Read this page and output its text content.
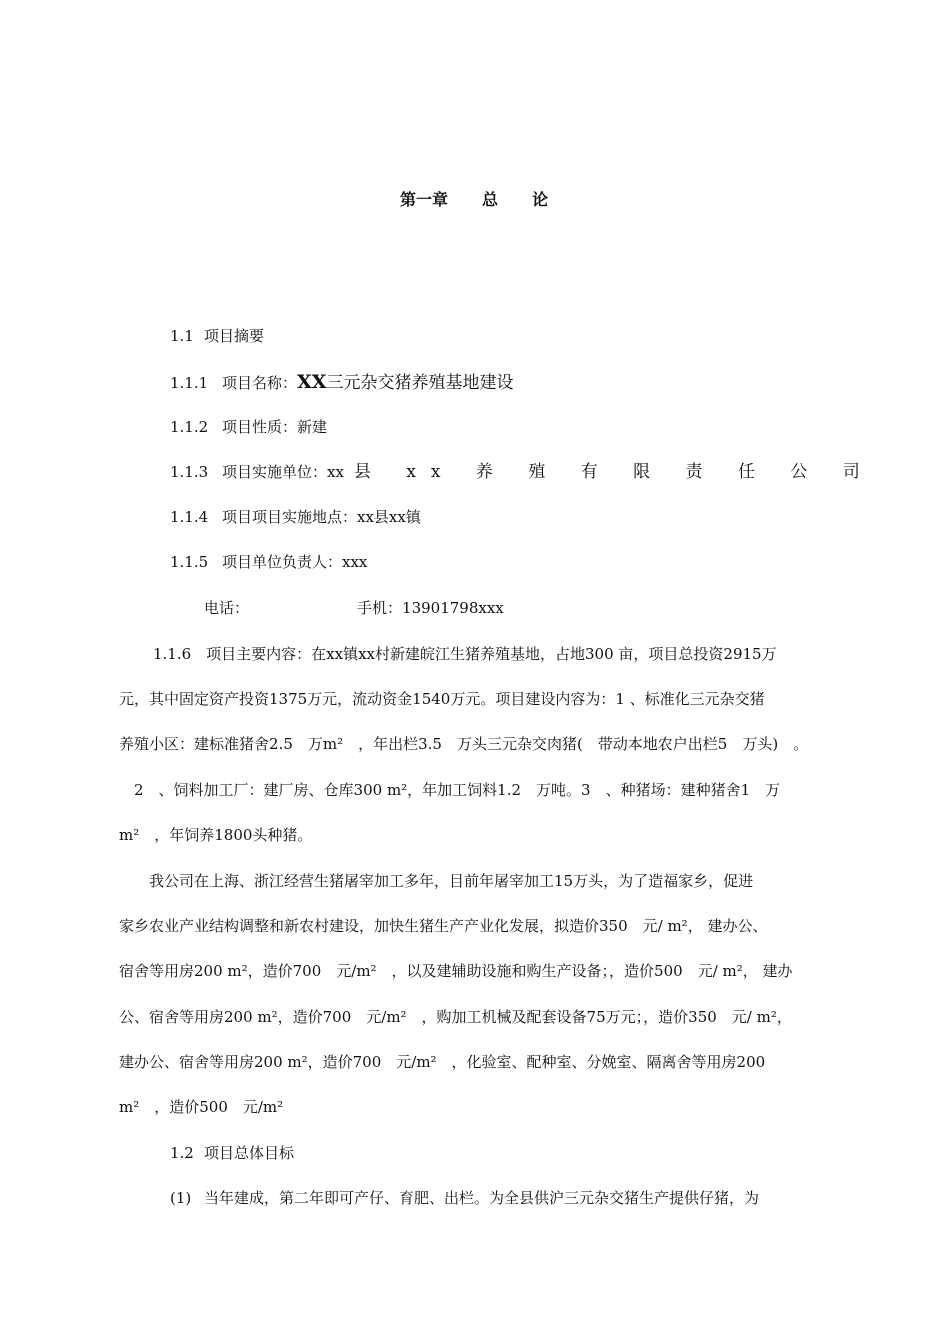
第一章 总 论
1.1 项目摘要
1.1.1 项目名称：XX三元杂交猪养殖基地建设
1.1.2 项目性质：新建
1.1.3 项目实施单位：xx 县 xx 养 殖 有 限 责 任 公 司
1.1.4 项目项目实施地点：xx县xx镇
1.1.5 项目单位负责人：xxx
电话：	手机：13901798xxx
1.1.6　项目主要内容：在xx镇xx村新建皖江生猪养殖基地，占地300 亩，项目总投资2915万
元，其中固定资产投资1375万元，流动资金1540万元。项目建设内容为：1 、标准化三元杂交猪
养殖小区：建标准猪舍2.5　万m²　，年出栏3.5　万头三元杂交肉猪(　带动本地农户出栏5　万头)　。
　2　、饲料加工厂：建厂房、仓库300 m²，年加工饲料1.2　万吨。3　、种猪场：建种猪舍1　万
m²　，年饲养1800头种猪。
　　我公司在上海、浙江经营生猪屠宰加工多年，目前年屠宰加工15万头，为了造福家乡，促进
家乡农业产业结构调整和新农村建设，加快生猪生产产业化发展，拟造价350　元/ m²， 建办公、
宿舍等用房200 m²，造价700　元/m²　，以及建辅助设施和购生产设备；，造价500　元/ m²， 建办
公、宿舍等用房200 m²，造价700　元/m²　，购加工机械及配套设备75万元；，造价350　元/ m²，
建办公、宿舍等用房200 m²，造价700　元/m²　，化验室、配种室、分娩室、隔离舍等用房200
m²　，造价500　元/m²
1.2 项目总体目标
(1) 当年建成，第二年即可产仔、育肥、出栏。为全县供沪三元杂交猪生产提供仔猪，为
